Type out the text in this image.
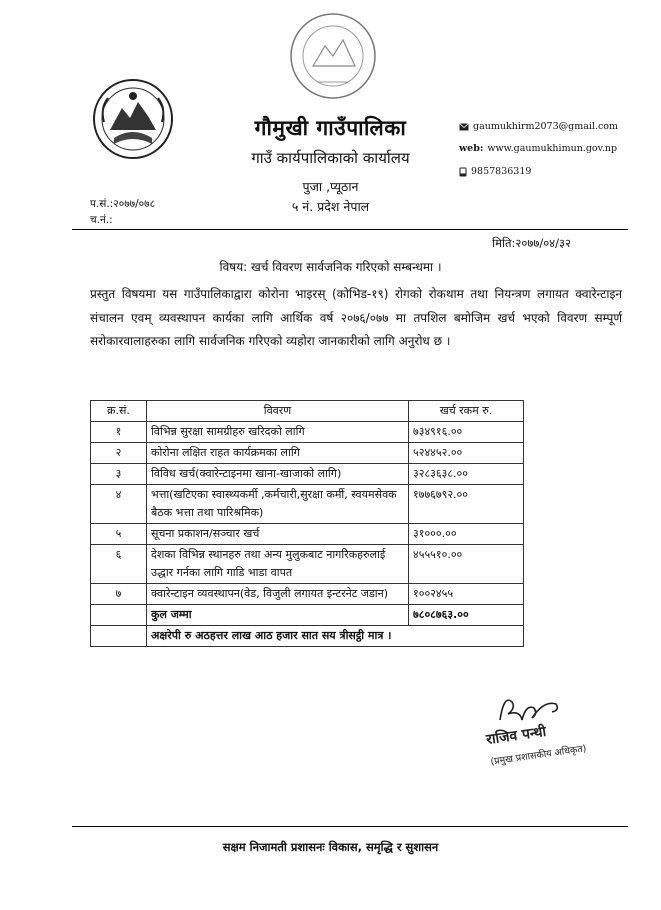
गौमुखी गाउँपालिका
गाउँ कार्यपालिकाको कार्यालय
पुजा ,प्यूठान
५ नं. प्रदेश नेपाल
gaumukhirm2073@gmail.com
web: www.gaumukhimun.gov.np
9857836319
प.सं.:२०७७/०७८
च.नं.:
मिति:२०७७/०४/३२
विषय: खर्च विवरण सार्वजनिक गरिएको सम्बन्धमा ।
प्रस्तुत विषयमा यस गाउँपालिकाद्वारा कोरोना भाइरस् (कोभिड-१९) रोगको रोकथाम तथा नियन्त्रण लगायत क्वारेन्टाइन संचालन एवम् व्यवस्थापन कार्यका लागि आर्थिक वर्ष २०७६/०७७ मा तपशिल बमोजिम खर्च भएको विवरण सम्पूर्ण सरोकारवालाहरुका लागि सार्वजनिक गरिएको व्यहोरा जानकारीको लागि अनुरोध छ ।
क्र.सं.	विवरण	खर्च रकम रु.
१	विभिन्न सुरक्षा सामग्रीहरु खरिदको लागि	७३४९१६.००
२	कोरोना लक्षित राहत कार्यक्रमका लागि	५२४४५२.००
३	विविध खर्च(क्वारेन्टाइनमा खाना-खाजाको लागि)	३२८३६३८.००
४	भत्ता(खटिएका स्वास्थ्यकर्मी ,कर्मचारी,सुरक्षा कर्मी, स्वयमसेवक बैठक भत्ता तथा पारिश्रमिक)	१७७६७९२.००
५	सूचना प्रकाशन/सञ्चार खर्च	३१०००.००
६	देशका विभिन्न स्थानहरु तथा अन्य मुलुकबाट नागरिकहरुलाई उद्धार गर्नका लागि गाडि भाडा वापत	४५५५१०.००
७	क्वारेन्टाइन व्यवस्थापन(वेड, विजुली लगायत इन्टरनेट जडान)	१००२४५५
	कुल जम्मा	७८०८७६३.००
	अक्षरेपी रु अठहत्तर लाख आठ हजार सात सय त्रीसट्ठी मात्र ।	
राजिव पन्थी
(प्रमुख प्रशासकीय अधिकृत)
सक्षम निजामती प्रशासनः विकास, समृद्धि र सुशासन
